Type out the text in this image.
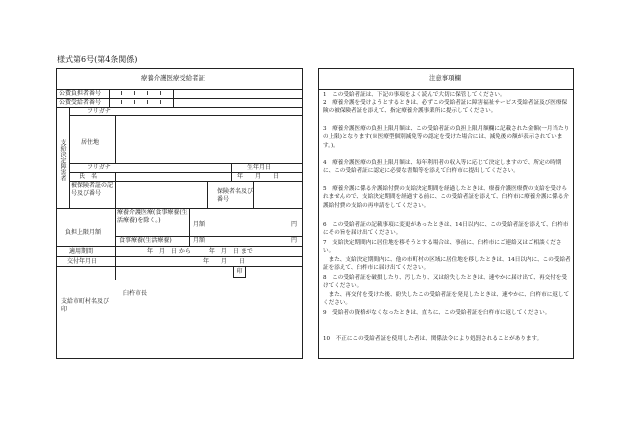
様式第6号(第4条関係)
療養介護医療受給者証
公費負担者番号
公費受給者番号
支給決定障害者
フリガナ
居住地
フリガナ	生年月日
氏　名	年　　月　　日
被保険者証の記号及び番号	保険者名及び番号
負担上限月額
療養介護医療(食事療養(生活療養)を除く。)
月額	円
食事療養(生活療養)	月額	円
適用期間	年　月　日 から　　　年　月　日 まで
交付年月日	年　　月　　日
支給市町村名及び印
臼杵市長
印
注意事項欄
1　この受給者証は、下記の事項をよく読んで大切に保管してください。
2　療養介護を受けようとするときは、必ずこの受給者証に障害福祉サービス受給者証及び医療保険の被保険者証を添えて、指定療養介護事業所に提示してください。
3　療養介護医療の負担上限月額は、この受給者証の負担上限月額欄に記載された金額(一月当たりの上限)となります(※医療型個別減免等の認定を受けた場合には、減免後の額が表示されています。)。
4　療養介護医療の負担上限月額は、毎年利用者の収入等に応じて決定しますので、所定の時期に、この受給者証に認定に必要な書類等を添えて臼杵市に提出してください。
5　療養介護に係る介護給付費の支給決定期間を経過したときは、療養介護医療費の支給を受けられませんので、支給決定期間を経過する前に、この受給者証を添えて、臼杵市に療養介護に係る介護給付費の支給の再申請をしてください。
6　この受給者証の記載事項に変更があったときは、14日以内に、この受給者証を添えて、臼杵市にその旨を届け出てください。
7　支給決定期間内に居住地を移そうとする場合は、事前に、臼杵市にご連絡又はご相談ください。
　また、支給決定期間内に、他の市町村の区域に居住地を移したときは、14日以内に、この受給者証を添えて、臼杵市に届け出てください。
8　この受給者証を破損したり、汚したり、又は紛失したときは、速やかに届け出て、再交付を受けてください。
　また、再交付を受けた後、紛失したこの受給者証を発見したときは、速やかに、臼杵市に返してください。
9　受給者の資格がなくなったときは、直ちに、この受給者証を臼杵市に返してください。
10　不正にこの受給者証を使用した者は、関係法令により処罰されることがあります。
